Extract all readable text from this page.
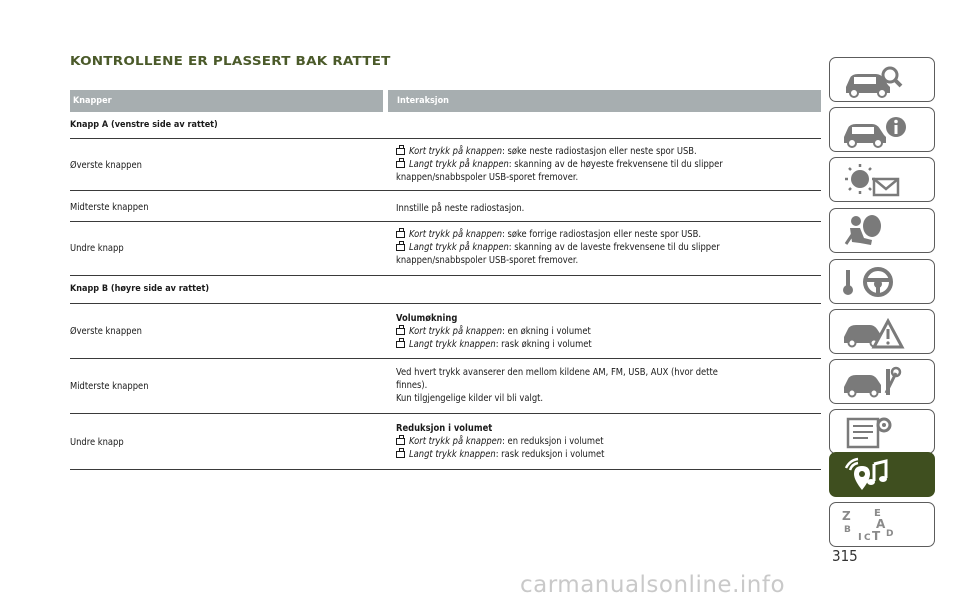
KONTROLLENE ER PLASSERT BAK RATTET
Knapper	Interaksjon
Knapp A (venstre side av rattet)
Øverste knappen
Kort trykk på knappen: søke neste radiostasjon eller neste spor USB.
Langt trykk på knappen: skanning av de høyeste frekvensene til du slipper
knappen/snabbspoler USB-sporet fremover.
Midterste knappen	Innstille på neste radiostasjon.
Undre knapp
Kort trykk på knappen: søke forrige radiostasjon eller neste spor USB.
Langt trykk på knappen: skanning av de laveste frekvensene til du slipper
knappen/snabbspoler USB-sporet fremover.
Knapp B (høyre side av rattet)
Øverste knappen
Volumøkning
Kort trykk på knappen: en økning i volumet
Langt trykk knappen: rask økning i volumet
Midterste knappen
Ved hvert trykk avanserer den mellom kildene AM, FM, USB, AUX (hvor dette
finnes).
Kun tilgjengelige kilder vil bli valgt.
Undre knapp
Reduksjon i volumet
Kort trykk på knappen: en reduksjon i volumet
Langt trykk knappen: rask reduksjon i volumet
Z E
A
B
I C T D
315
carmanualsonline.info
